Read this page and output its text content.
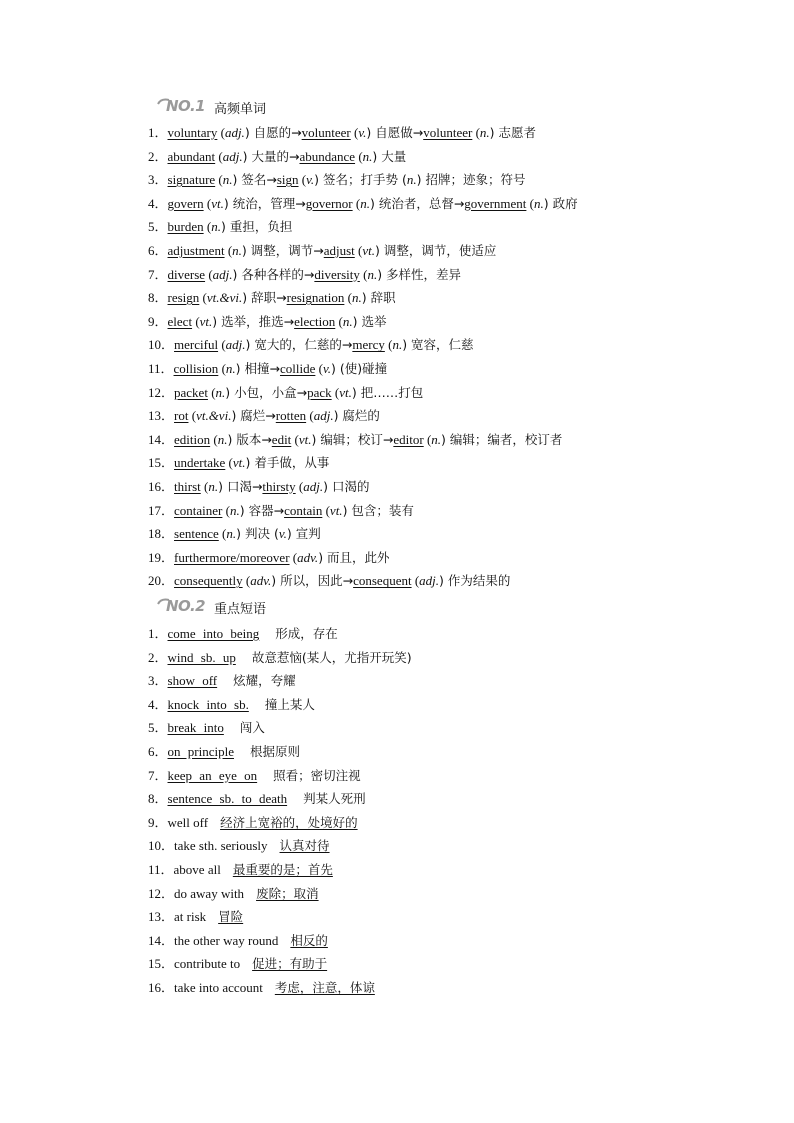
NO.1 高频单词
1．voluntary (adj.) 自愿的→volunteer (v.) 自愿做→volunteer (n.) 志愿者
2．abundant (adj.) 大量的→abundance (n.) 大量
3．signature (n.) 签名→sign (v.) 签名；打手势 (n.) 招牌；迹象；符号
4．govern (vt.) 统治，管理→governor (n.) 统治者，总督→government (n.) 政府
5．burden (n.) 重担，负担
6．adjustment (n.) 调整，调节→adjust (vt.) 调整，调节，使适应
7．diverse (adj.) 各种各样的→diversity (n.) 多样性，差异
8．resign (vt.&vi.) 辞职→resignation (n.) 辞职
9．elect (vt.) 选举，推选→election (n.) 选举
10．merciful (adj.) 宽大的，仁慈的→mercy (n.) 宽容，仁慈
11．collision (n.) 相撞→collide (v.) (使)碰撞
12．packet (n.) 小包，小盒→pack (vt.) 把……打包
13．rot (vt.&vi.) 腐烂→rotten (adj.) 腐烂的
14．edition (n.) 版本→edit (vt.) 编辑；校订→editor (n.) 编辑；编者，校订者
15．undertake (vt.) 着手做，从事
16．thirst (n.) 口渴→thirsty (adj.) 口渴的
17．container (n.) 容器→contain (vt.) 包含；装有
18．sentence (n.) 判决 (v.) 宣判
19．furthermore/moreover (adv.) 而且，此外
20．consequently (adv.) 所以，因此→consequent (adj.) 作为结果的
NO.2 重点短语
1．come into being 形成，存在
2．wind sb. up 故意惹恼(某人，尤指开玩笑)
3．show off 炫耀，夸耀
4．knock into sb. 撞上某人
5．break into 闯入
6．on principle 根据原则
7．keep an eye on 照看；密切注视
8．sentence sb. to death 判某人死刑
9．well off 经济上宽裕的，处境好的
10．take sth. seriously 认真对待
11．above all 最重要的是；首先
12．do away with 废除；取消
13．at risk 冒险
14．the other way round 相反的
15．contribute to 促进；有助于
16．take into account 考虑，注意，体谅
